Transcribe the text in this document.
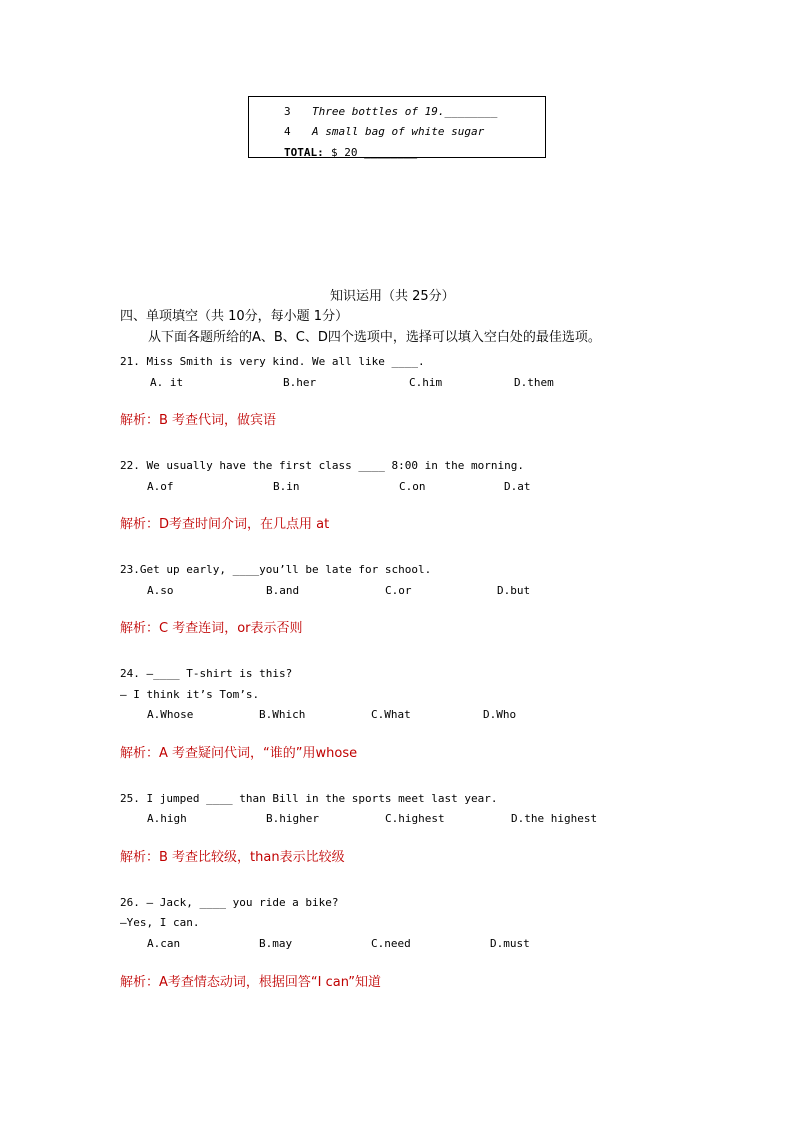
3 Three bottles of 19.________
4 A small bag of white sugar
TOTAL: $ 20 ________
知识运用（共 25分）
四、单项填空（共 10分，每小题 1分）
从下面各题所给的A、B、C、D四个选项中，选择可以填入空白处的最佳选项。
21. Miss Smith is very kind. We all like ____.
A. it	B.her	C.him	D.them
解析：B 考查代词，做宾语
22. We usually have the first class ____ 8:00 in the morning.
A.of	B.in	C.on	D.at
解析：D考查时间介词，在几点用 at
23.Get up early, ____you’ll be late for school.
A.so	B.and	C.or	D.but
解析：C 考查连词，or表示否则
24. —____ T-shirt is this?
— I think it’s Tom’s.
A.Whose	B.Which	C.What	D.Who
解析：A 考查疑问代词，“谁的”用whose
25. I jumped ____ than Bill in the sports meet last year.
A.high	B.higher	C.highest	D.the highest
解析：B 考查比较级，than表示比较级
26. – Jack, ____ you ride a bike?
–Yes, I can.
A.can	B.may	C.need	D.must
解析：A考查情态动词，根据回答“I can”知道
